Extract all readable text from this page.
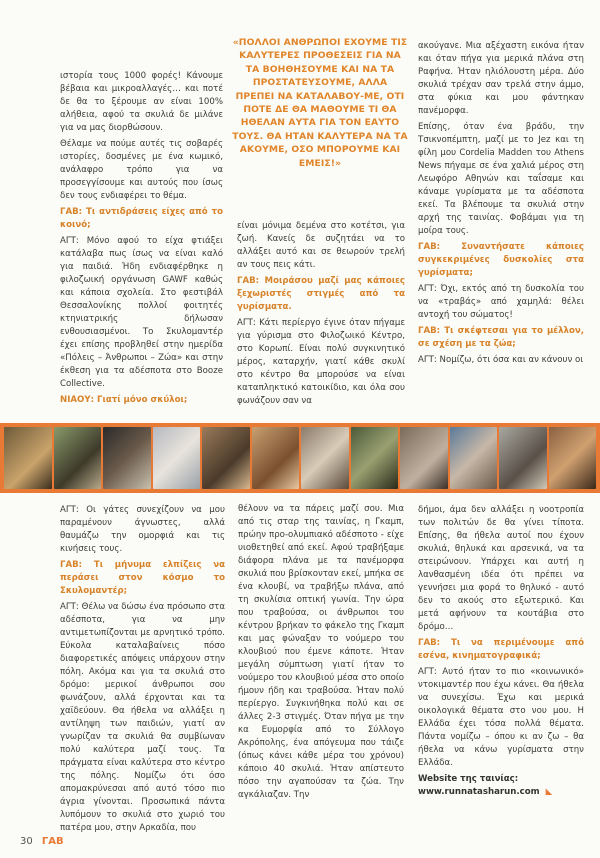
ιστορία τους 1000 φορές! Κάνουμε βέβαια και μικροαλλαγές… και ποτέ δε θα το ξέρουμε αν είναι 100% αλήθεια, αφού τα σκυλιά δε μιλάνε για να μας διορθώσουν.

Θέλαμε να πούμε αυτές τις σοβαρές ιστορίες, δοσμένες με ένα κωμικό, ανάλαφρο τρόπο για να προσεγγίσουμε και αυτούς που ίσως δεν τους ενδιαφέρει το θέμα.

ΓΑΒ: Τι αντιδράσεις είχες από το κοινό;

ΑΓΤ: Μόνο αφού το είχα φτιάξει κατάλαβα πως ίσως να είναι καλό για παιδιά. Ήδη ενδιαφέρθηκε η φιλοζωική οργάνωση GAWF καθώς και κάποια σχολεία. Στο φεστιβάλ Θεσσαλονίκης πολλοί φοιτητές κτηνιατρικής δήλωσαν ενθουσιασμένοι. Το Σκυλομαντέρ έχει επίσης προβληθεί στην ημερίδα «Πόλεις – Άνθρωποι – Ζώα» και στην έκθεση για τα αδέσποτα στο Booze Collective.

ΝΙΑΟΥ: Γιατί μόνο σκύλοι;

«ΠΟΛΛΟΙ ΑΝΘΡΩΠΟΙ ΕΧΟΥΜΕ ΤΙΣ ΚΑΛΥΤΕΡΕΣ ΠΡΟΘΕΣΕΙΣ ΓΙΑ ΝΑ ΤΑ ΒΟΗΘΗΣΟΥΜΕ ΚΑΙ ΝΑ ΤΑ ΠΡΟΣΤΑΤΕΥΣΟΥΜΕ, ΑΛΛΑ ΠΡΕΠΕΙ ΝΑ ΚΑΤΑΛΑΒΟΥ-ΜΕ, ΟΤΙ ΠΟΤΕ ΔΕ ΘΑ ΜΑΘΟΥΜΕ ΤΙ ΘΑ ΗΘΕΛΑΝ ΑΥΤΑ ΓΙΑ ΤΟΝ ΕΑΥΤΟ ΤΟΥΣ. ΘΑ ΗΤΑΝ ΚΑΛΥΤΕΡΑ ΝΑ ΤΑ ΑΚΟΥΜΕ, ΟΣΟ ΜΠΟΡΟΥΜΕ ΚΑΙ ΕΜΕΙΣ!»

είναι μόνιμα δεμένα στο κοτέτσι, για ζωή. Κανείς δε συζητάει να το αλλάξει αυτό και σε θεωρούν τρελή αν τους πεις κάτι.

ΓΑΒ: Μοιράσου μαζί μας κάποιες ξεχωριστές στιγμές από τα γυρίσματα.

ΑΓΤ: Κάτι περίεργο έγινε όταν πήγαμε για γύρισμα στο Φιλοζωικό Κέντρο, στο Κορωπί. Είναι πολύ συγκινητικό μέρος, καταρχήν, γιατί κάθε σκυλί στο κέντρο θα μπορούσε να είναι καταπληκτικό κατοικίδιο, και όλα σου φωνάζουν σαν να

ακούγανε. Μια αξέχαστη εικόνα ήταν και όταν πήγα για μερικά πλάνα στη Ραφήνα. Ήταν ηλιόλουστη μέρα. Δύο σκυλιά τρέχαν σαν τρελά στην άμμο, στα φύκια και μου φάντηκαν πανέμορφα.

Επίσης, όταν ένα βράδυ, την Τσικνοπέμπτη, μαζί με το Jez και τη φίλη μου Cordelia Madden του Athens News πήγαμε σε ένα χαλιά μέρος στη Λεωφόρο Αθηνών και ταΐσαμε και κάναμε γυρίσματα με τα αδέσποτα εκεί. Τα βλέπουμε τα σκυλιά στην αρχή της ταινίας. Φοβάμαι για τη μοίρα τους.

ΓΑΒ: Συναντήσατε κάποιες συγκεκριμένες δυσκολίες στα γυρίσματα;

ΑΓΤ: Όχι, εκτός από τη δυσκολία του να «τραβάς» από χαμηλά: θέλει αντοχή του σώματος!

ΓΑΒ: Τι σκέφτεσαι για το μέλλον, σε σχέση με τα ζώα;

ΑΓΤ: Νομίζω, ότι όσα και αν κάνουν οι

ΑΓΤ: Οι γάτες συνεχίζουν να μου παραμένουν άγνωστες, αλλά θαυμάζω την ομορφιά και τις κινήσεις τους.

ΓΑΒ: Τι μήνυμα ελπίζεις να περάσει στον κόσμο το Σκυλομαντέρ;

ΑΓΤ: Θέλω να δώσω ένα πρόσωπο στα αδέσποτα, για να μην αντιμετωπίζονται με αρνητικό τρόπο. Εύκολα καταλαβαίνεις πόσο διαφορετικές απόψεις υπάρχουν στην πόλη. Ακόμα και για τα σκυλιά στο δρόμο: μερικοί άνθρωποι σου φωνάζουν, αλλά έρχονται και τα χαϊδεύουν. Θα ήθελα να αλλάξει η αντίληψη των παιδιών, γιατί αν γνωρίζαν τα σκυλιά θα συμβίωναν πολύ καλύτερα μαζί τους. Τα πράγματα είναι καλύτερα στο κέντρο της πόλης. Νομίζω ότι όσο απομακρύνεσαι από αυτό τόσο πιο άγρια γίνονται. Προσωπικά πάντα λυπόμουν το σκυλιά στο χωριό του πατέρα μου, στην Αρκαδία, που

θέλουν να τα πάρεις μαζί σου. Μια από τις σταρ της ταινίας, η Γκαμπ, πρώην προ-ολυμπιακό αδέσποτο - είχε υιοθετηθεί από εκεί. Αφού τραβήξαμε διάφορα πλάνα με τα πανέμορφα σκυλιά που βρίσκονταν εκεί, μπήκα σε ένα κλουβί, να τραβήξω πλάνα, από τη σκυλίσια οπτική γωνία. Την ώρα που τραβούσα, οι άνθρωποι του κέντρου βρήκαν το φάκελο της Γκαμπ και μας φώναξαν το νούμερο του κλουβιού που έμενε κάποτε. Ήταν μεγάλη σύμπτωση γιατί ήταν το νούμερο του κλουβιού μέσα στο οποίο ήμουν ήδη και τραβούσα. Ήταν πολύ περίεργο. Συγκινήθηκα πολύ και σε άλλες 2-3 στιγμές. Όταν πήγα με την κα Ευμορφία από το Σύλλογο Ακρόπολης, ένα απόγευμα που τάιζε (όπως κάνει κάθε μέρα του χρόνου) κάποιο 40 σκυλιά. Ήταν απίστευτο πόσο την αγαπούσαν τα ζώα. Την αγκάλιαζαν. Την

δήμοι, άμα δεν αλλάξει η νοοτροπία των πολιτών δε θα γίνει τίποτα. Επίσης, θα ήθελα αυτοί που έχουν σκυλιά, θηλυκά και αρσενικά, να τα στειρώνουν. Υπάρχει και αυτή η λανθασμένη ιδέα ότι πρέπει να γεννήσει μια φορά το θηλυκό - αυτό δεν το ακούς στο εξωτερικό. Και μετά αφήνουν τα κουτάβια στο δρόμο…

ΓΑΒ: Τι να περιμένουμε από εσένα, κινηματογραφικά;

ΑΓΤ: Αυτό ήταν το πιο «κοινωνικό» ντοκιμαντέρ που έχω κάνει. Θα ήθελα να συνεχίσω. Έχω και μερικά οικολογικά θέματα στο νου μου. Η Ελλάδα έχει τόσα πολλά θέματα. Πάντα νομίζω – όπου κι αν ζω – θα ήθελα να κάνω γυρίσματα στην Ελλάδα.

Website της ταινίας:
www.runnatasharun.com ◣

30 ΓΑΒ
